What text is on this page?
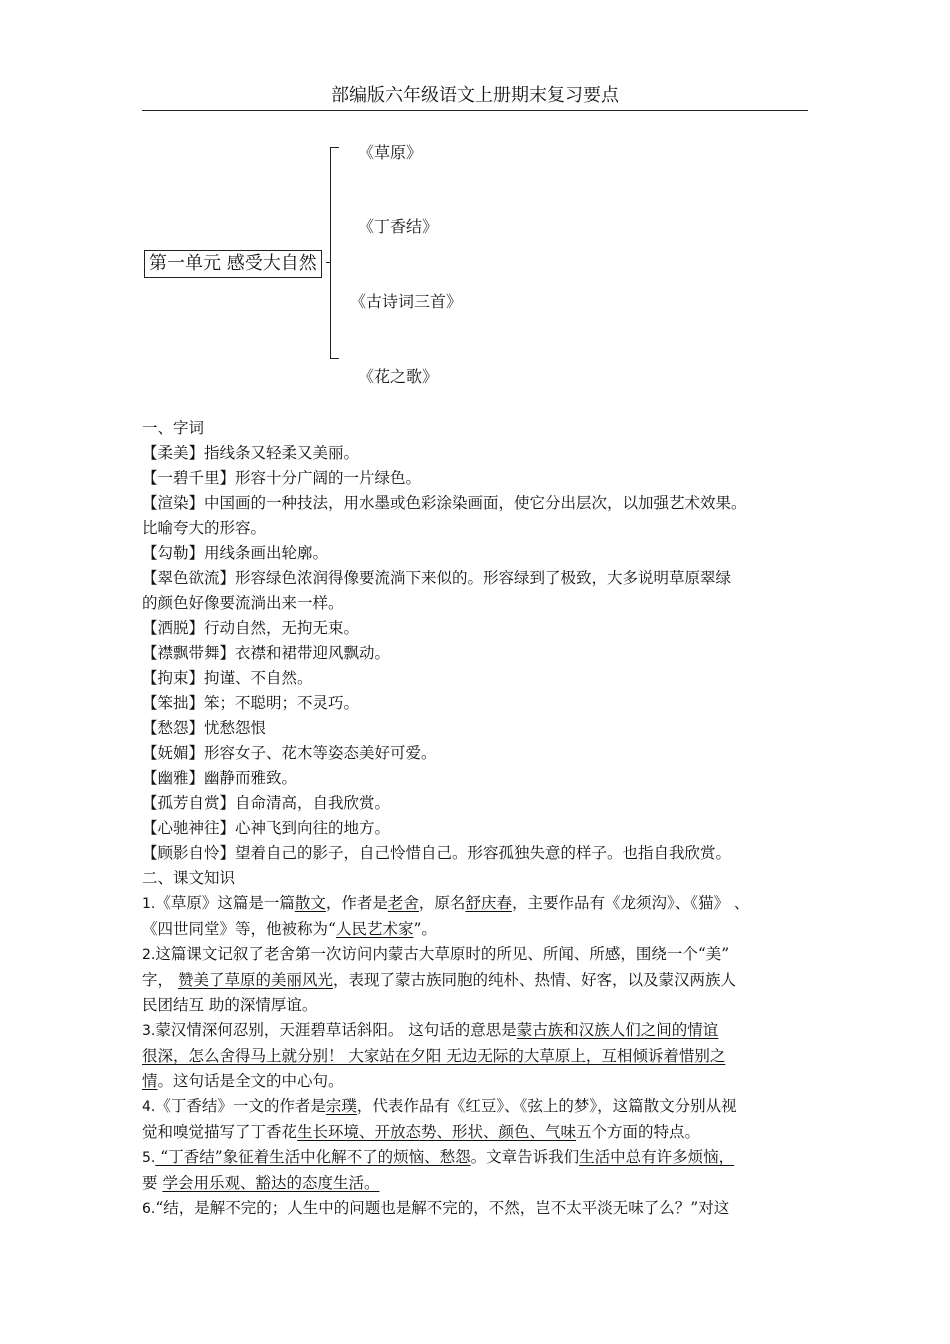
部编版六年级语文上册期末复习要点
第一单元 感受大自然
《草原》
《丁香结》
《古诗词三首》
《花之歌》

一、字词

【柔美】指线条又轻柔又美丽。

【一碧千里】形容十分广阔的一片绿色。

【渲染】中国画的一种技法，用水墨或色彩涂染画面，使它分出层次，以加强艺术效果。

比喻夸大的形容。

【勾勒】用线条画出轮廓。

【翠色欲流】形容绿色浓润得像要流淌下来似的。形容绿到了极致，大多说明草原翠绿

的颜色好像要流淌出来一样。

【洒脱】行动自然，无拘无束。

【襟飘带舞】衣襟和裙带迎风飘动。

【拘束】拘谨、不自然。

【笨拙】笨；不聪明；不灵巧。

【愁怨】忧愁怨恨

【妩媚】形容女子、花木等姿态美好可爱。

【幽雅】幽静而雅致。

【孤芳自赏】自命清高，自我欣赏。

【心驰神往】心神飞到向往的地方。

【顾影自怜】望着自己的影子，自己怜惜自己。形容孤独失意的样子。也指自我欣赏。

二、课文知识

1.《草原》这篇是一篇散文，作者是老舍，原名舒庆春，主要作品有《龙须沟》、《猫》 、

《四世同堂》等，他被称为“人民艺术家”。

2.这篇课文记叙了老舍第一次访问内蒙古大草原时的所见、所闻、所感，围绕一个“美”

字， 赞美了草原的美丽风光，表现了蒙古族同胞的纯朴、热情、好客，以及蒙汉两族人

民团结互 助的深情厚谊。

3.蒙汉情深何忍别，天涯碧草话斜阳。 这句话的意思是蒙古族和汉族人们之间的情谊

很深，怎么舍得马上就分别！ 大家站在夕阳 无边无际的大草原上，互相倾诉着惜别之

情。这句话是全文的中心句。

4.《丁香结》一文的作者是宗璞，代表作品有《红豆》、《弦上的梦》，这篇散文分别从视

觉和嗅觉描写了丁香花生长环境、开放态势、形状、颜色、气味五个方面的特点。

5. “丁香结”象征着生活中化解不了的烦恼、愁怨。文章告诉我们生活中总有许多烦恼，

要 学会用乐观、豁达的态度生活。

6.“结，是解不完的；人生中的问题也是解不完的，不然，岂不太平淡无味了么？”对这
